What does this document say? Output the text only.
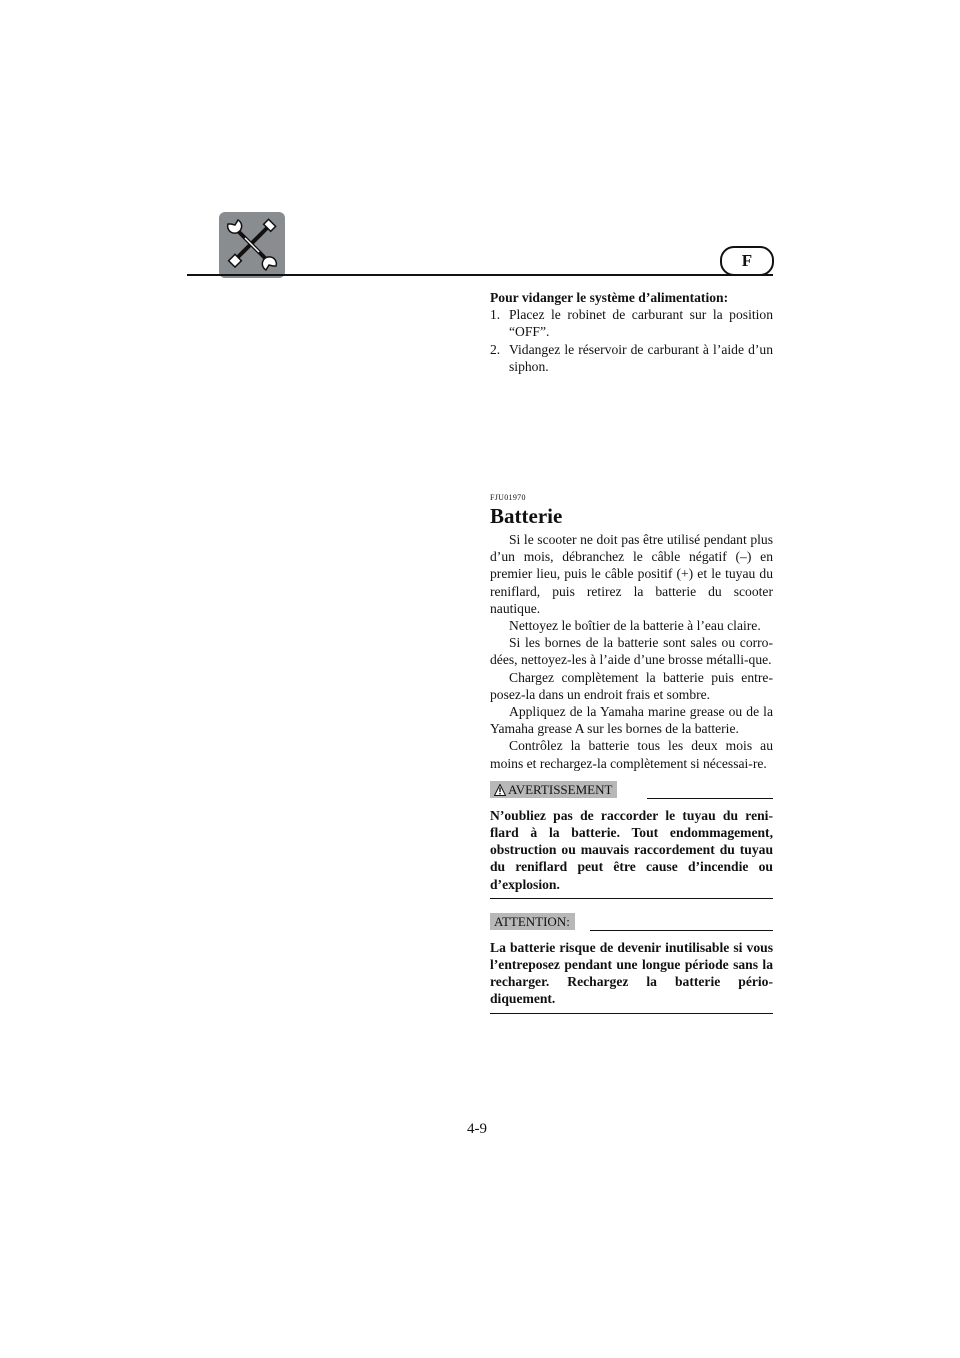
F

Pour vidanger le système d’alimentation:

1. Placez le robinet de carburant sur la position “OFF”.
2. Vidangez le réservoir de carburant à l’aide d’un siphon.
FJU01970
Batterie

Si le scooter ne doit pas être utilisé pendant plus d’un mois, débranchez le câble négatif (–) en premier lieu, puis le câble positif (+) et le tuyau du reniflard, puis retirez la batterie du scooter nautique.

Nettoyez le boîtier de la batterie à l’eau claire.

Si les bornes de la batterie sont sales ou corro-dées, nettoyez-les à l’aide d’une brosse métalli-que.

Chargez complètement la batterie puis entre-posez-la dans un endroit frais et sombre.

Appliquez de la Yamaha marine grease ou de la Yamaha grease A sur les bornes de la batterie.

Contrôlez la batterie tous les deux mois au moins et rechargez-la complètement si nécessai-re.

AVERTISSEMENT

N’oubliez pas de raccorder le tuyau du reni-flard à la batterie. Tout endommagement, obstruction ou mauvais raccordement du tuyau du reniflard peut être cause d’incendie ou d’explosion.

ATTENTION:

La batterie risque de devenir inutilisable si vous l’entreposez pendant une longue période sans la recharger. Rechargez la batterie pério-diquement.

4-9
